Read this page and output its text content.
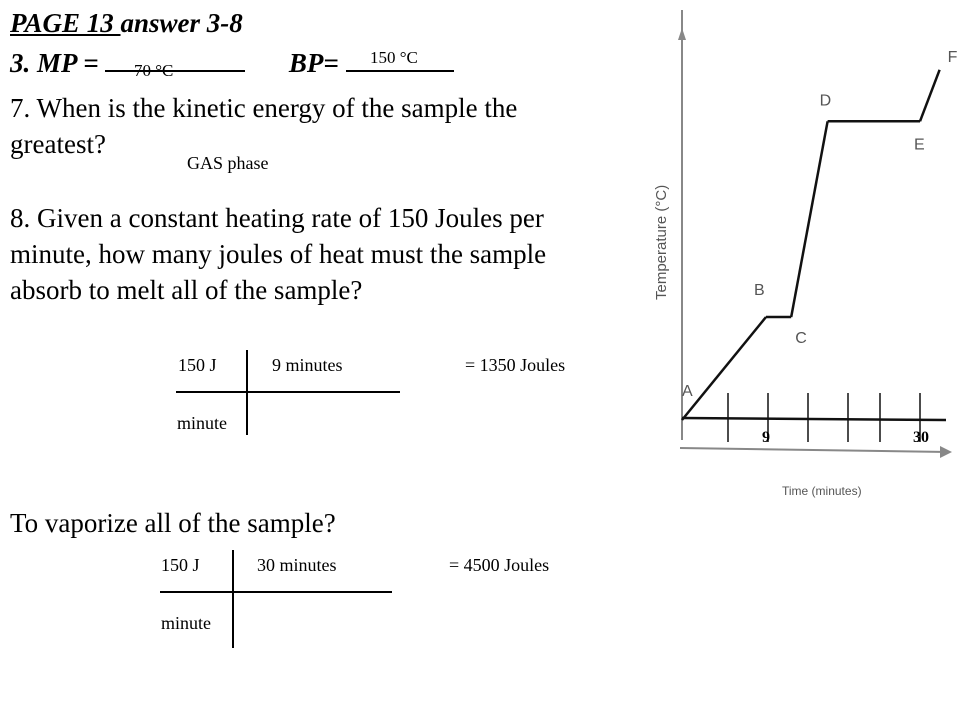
PAGE 13 answer 3-8
3. MP =	BP=
70 °C
150 °C
7. When is the kinetic energy of the sample the
greatest?
GAS phase
8. Given a constant heating rate of 150 Joules per
minute, how many joules of heat must the sample
absorb to melt all of the sample?
150 J
minute
9 minutes	= 1350 Joules
To vaporize all of the sample?
150 J
minute
30 minutes	= 4500 Joules
Temperature (°C)
Time (minutes)
A
B
C
D
E
F
9	30
